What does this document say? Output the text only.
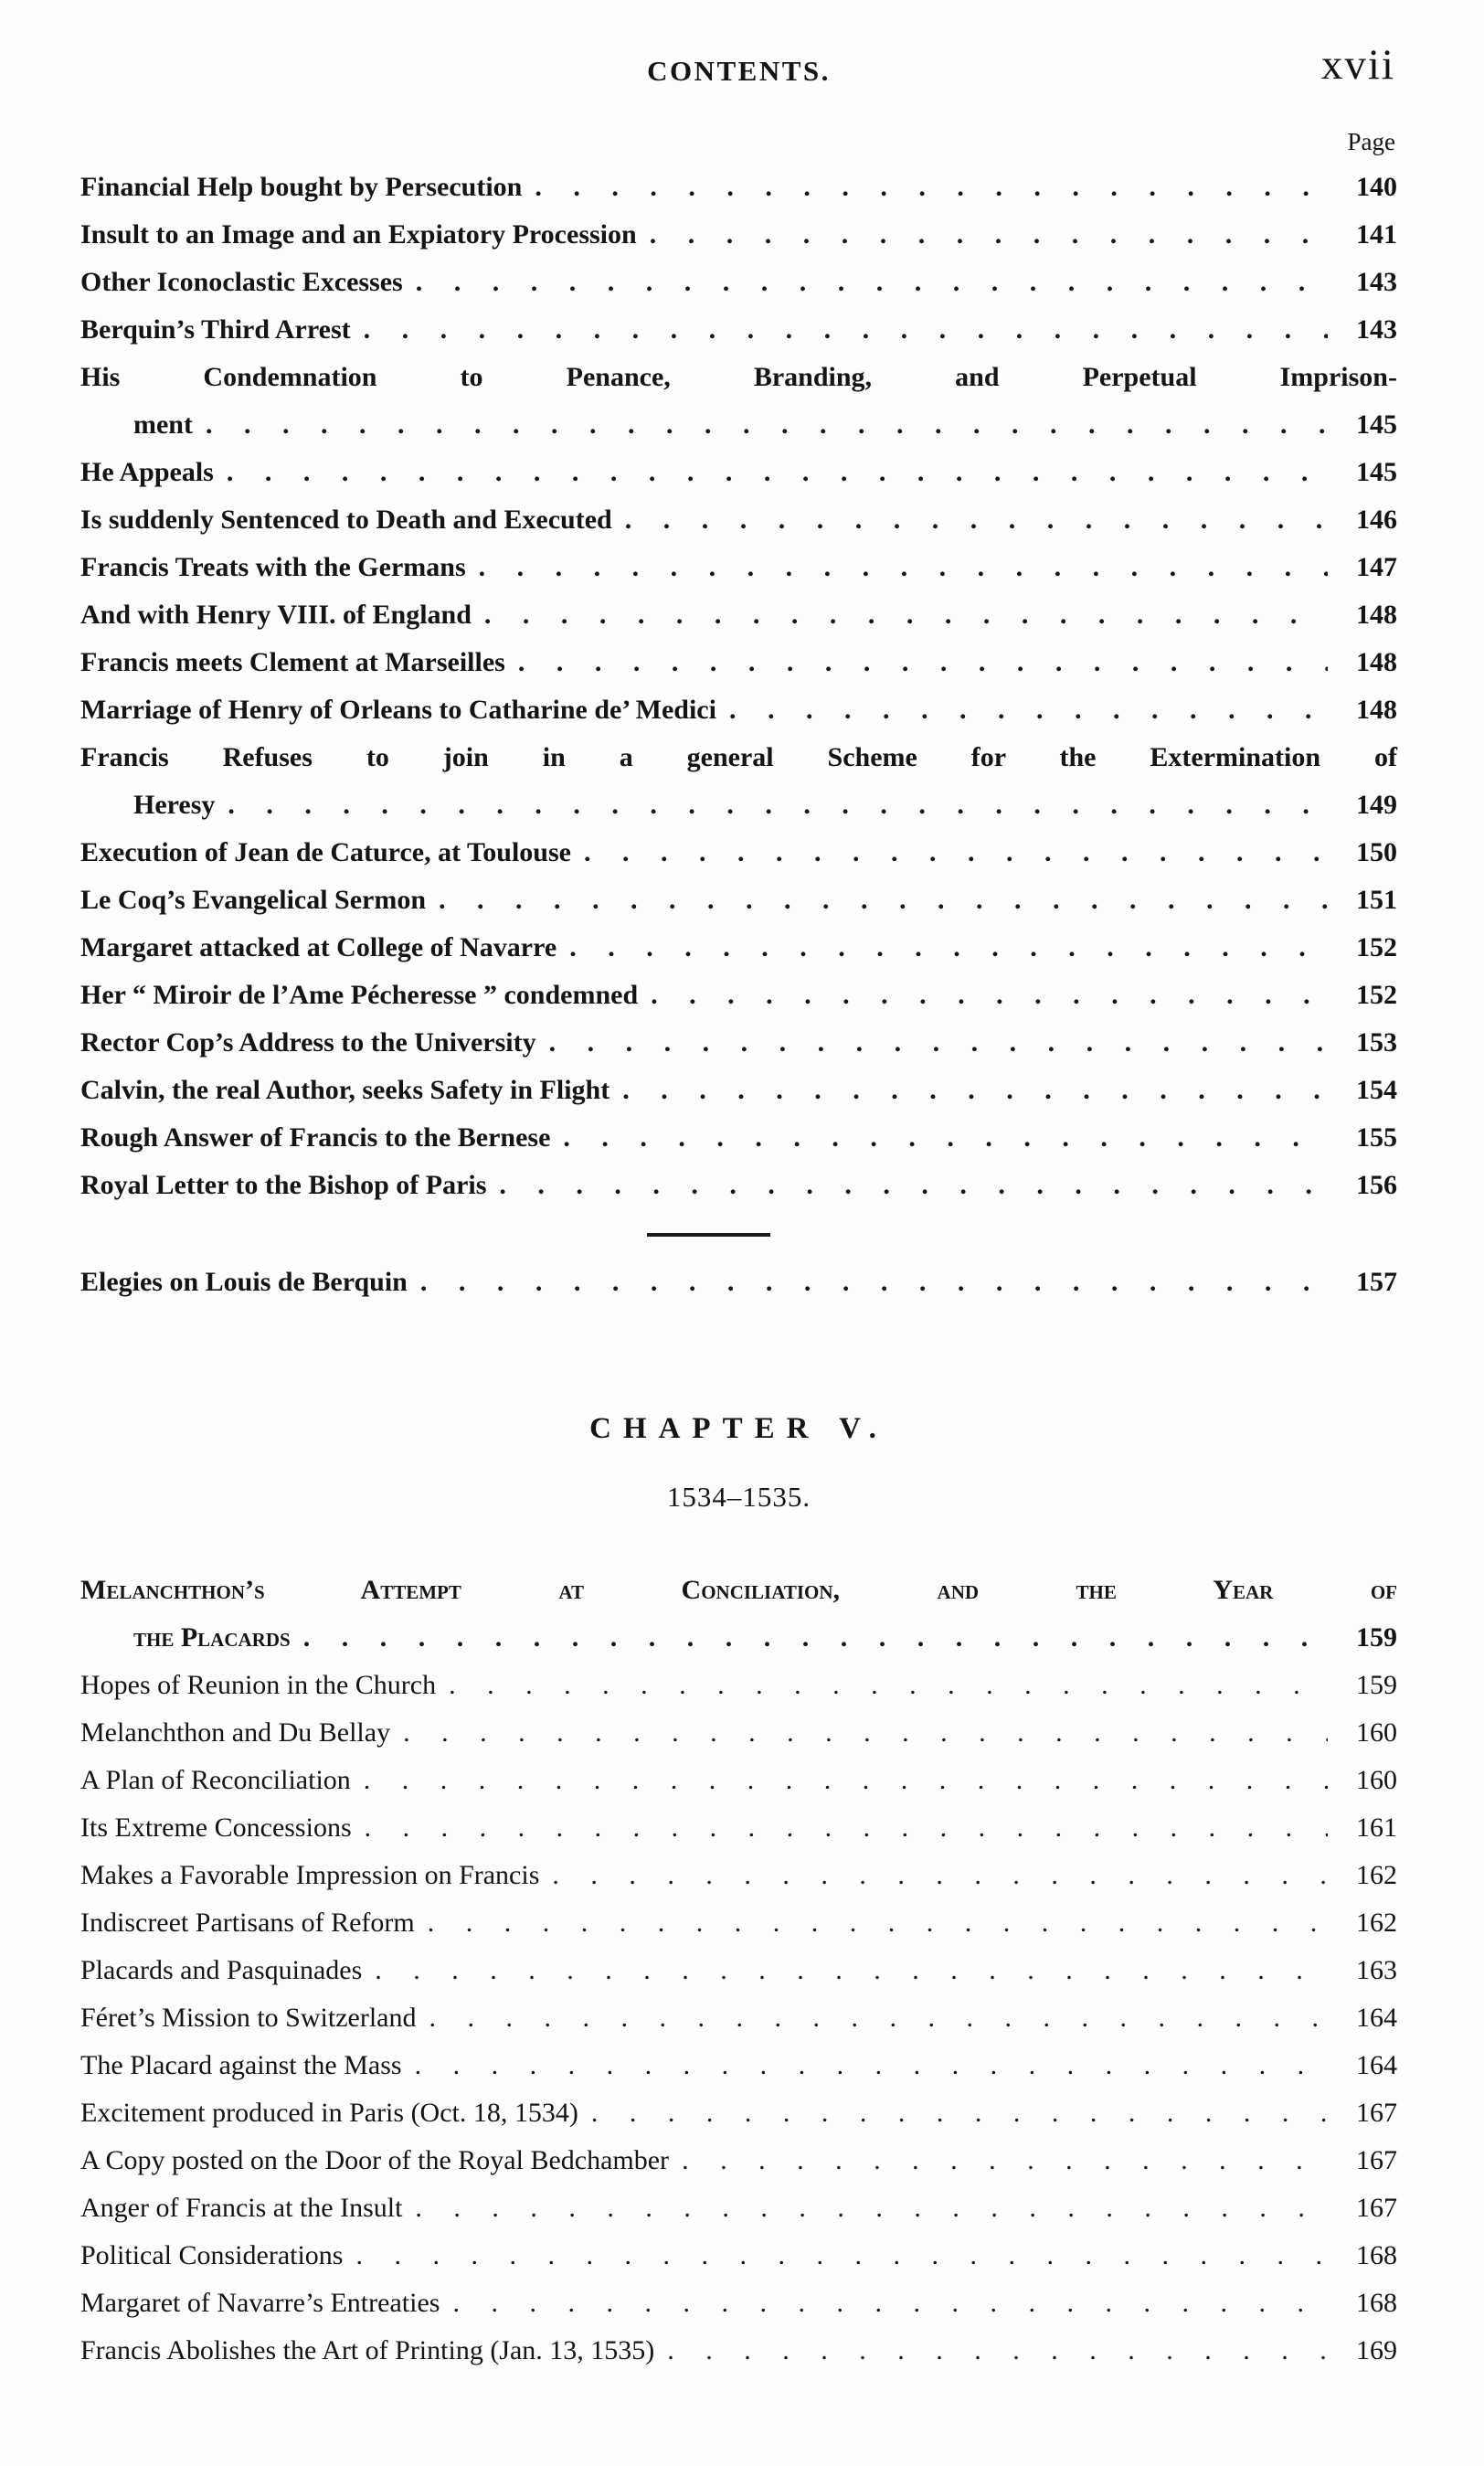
CONTENTS.	xvii
Page
Financial Help bought by Persecution . . .	140
Insult to an Image and an Expiatory Procession . . .	141
Other Iconoclastic Excesses . . .	143
Berquin’s Third Arrest . . .	143
His Condemnation to Penance, Branding, and Perpetual Imprison-
ment . . .	145
He Appeals . . .	145
Is suddenly Sentenced to Death and Executed . . .	146
Francis Treats with the Germans . . .	147
And with Henry VIII. of England . . .	148
Francis meets Clement at Marseilles . . .	148
Marriage of Henry of Orleans to Catharine de’ Medici . . .	148
Francis Refuses to join in a general Scheme for the Extermination of
Heresy . . .	149
Execution of Jean de Caturce, at Toulouse . . .	150
Le Coq’s Evangelical Sermon . . .	151
Margaret attacked at College of Navarre . . .	152
Her “ Miroir de l’Ame Pécheresse ” condemned . . .	152
Rector Cop’s Address to the University . . .	153
Calvin, the real Author, seeks Safety in Flight . . .	154
Rough Answer of Francis to the Bernese . . .	155
Royal Letter to the Bishop of Paris . . .	156
Elegies on Louis de Berquin . . .	157
CHAPTER V.
1534–1535.
Melanchthon’s Attempt at Conciliation, and the Year of
the Placards . . .	159
Hopes of Reunion in the Church . . .	159
Melanchthon and Du Bellay . . .	160
A Plan of Reconciliation . . .	160
Its Extreme Concessions . . .	161
Makes a Favorable Impression on Francis . . .	162
Indiscreet Partisans of Reform . . .	162
Placards and Pasquinades . . .	163
Féret’s Mission to Switzerland . . .	164
The Placard against the Mass . . .	164
Excitement produced in Paris (Oct. 18, 1534) . . .	167
A Copy posted on the Door of the Royal Bedchamber . . .	167
Anger of Francis at the Insult . . .	167
Political Considerations . . .	168
Margaret of Navarre’s Entreaties . . .	168
Francis Abolishes the Art of Printing (Jan. 13, 1535) . . .	169
